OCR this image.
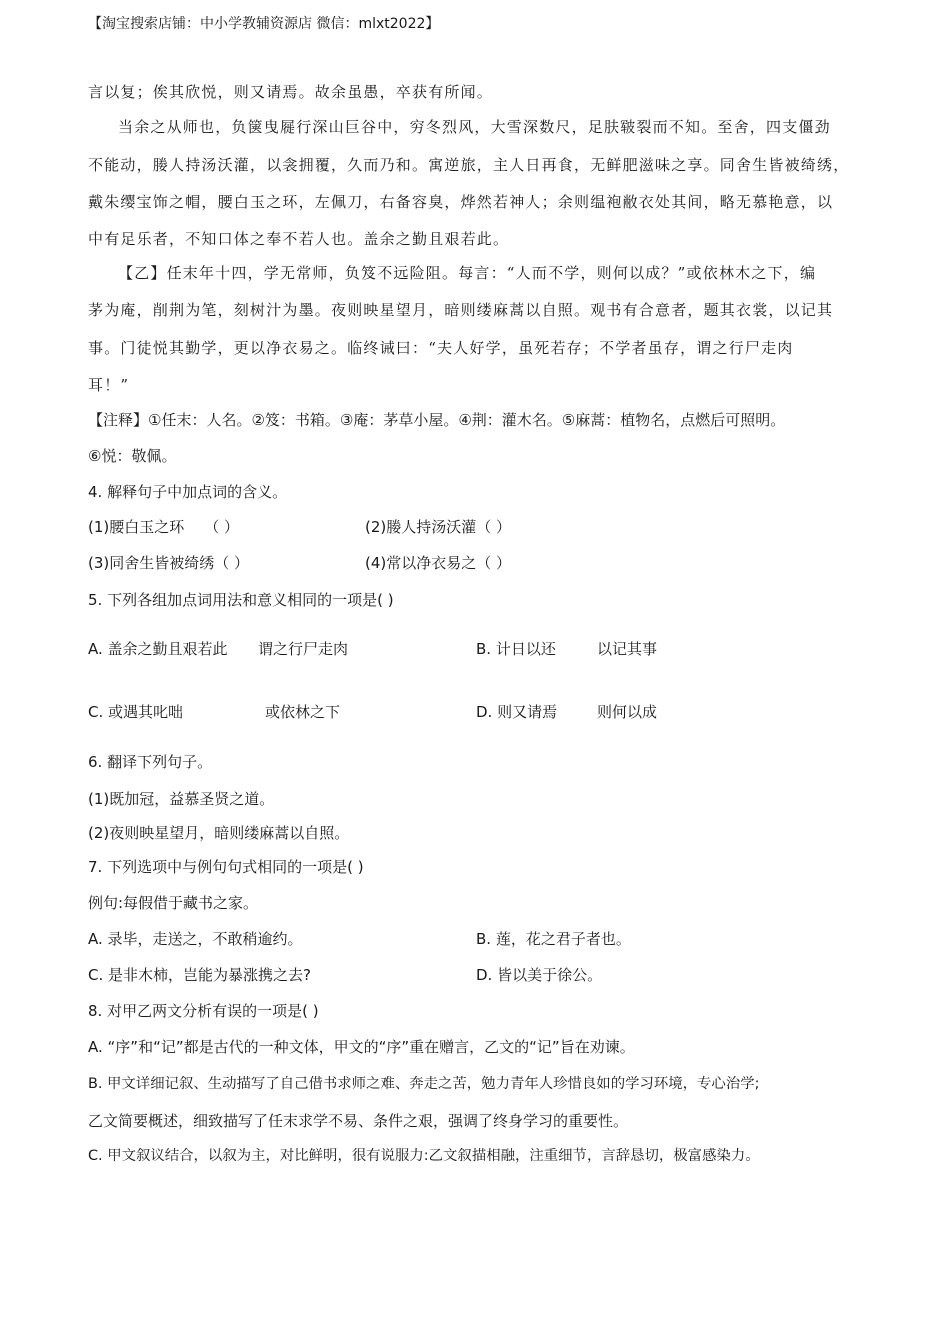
【淘宝搜索店铺：中小学教辅资源店 微信：mlxt2022】
言以复；俟其欣悦，则又请焉。故余虽愚，卒获有所闻。
当余之从师也，负箧曳屣行深山巨谷中，穷冬烈风，大雪深数尺，足肤皲裂而不知。至舍，四支僵劲
不能动，媵人持汤沃灌，以衾拥覆，久而乃和。寓逆旅，主人日再食，无鲜肥滋味之享。同舍生皆被绮绣，
戴朱缨宝饰之帽，腰白玉之环，左佩刀，右备容臭，烨然若神人；余则缊袍敝衣处其间，略无慕艳意，以
中有足乐者，不知口体之奉不若人也。盖余之勤且艰若此。
【乙】任末年十四，学无常师，负笈不远险阻。每言：“人而不学，则何以成？”或依林木之下，编
茅为庵，削荆为笔，刻树汁为墨。夜则映星望月，暗则缕麻蒿以自照。观书有合意者，题其衣裳，以记其
事。门徒悦其勤学，更以净衣易之。临终诫曰：“夫人好学，虽死若存；不学者虽存，谓之行尸走肉
耳！”
【注释】①任末：人名。②笈：书箱。③庵：茅草小屋。④荆：灌木名。⑤麻蒿：植物名，点燃后可照明。
⑥悦：敬佩。
4. 解释句子中加点词的含义。
(1)腰白玉之环 （ ）	(2)媵人持汤沃灌（ ）
(3)同舍生皆被绮绣（ ）	(4)常以净衣易之（ ）
5. 下列各组加点词用法和意义相同的一项是( )
A. 盖余之勤且艰若此 谓之行尸走肉	B. 计日以还	以记其事
C. 或遇其叱咄	或依林之下	D. 则又请焉	则何以成
6. 翻译下列句子。
(1)既加冠，益慕圣贤之道。
(2)夜则映星望月，暗则缕麻蒿以自照。
7. 下列选项中与例句句式相同的一项是( )
例句:每假借于藏书之家。
A. 录毕，走送之，不敢稍逾约。	B. 莲，花之君子者也。
C. 是非木柿，岂能为暴涨携之去?	D. 皆以美于徐公。
8. 对甲乙两文分析有误的一项是( )
A. “序”和“记”都是古代的一种文体，甲文的“序”重在赠言，乙文的“记”旨在劝谏。
B. 甲文详细记叙、生动描写了自己借书求师之难、奔走之苦，勉力青年人珍惜良如的学习环境，专心治学;
乙文简要概述，细致描写了任末求学不易、条件之艰，强调了终身学习的重要性。
C. 甲文叙议结合，以叙为主，对比鲜明，很有说服力:乙文叙描相融，注重细节，言辞恳切，极富感染力。
